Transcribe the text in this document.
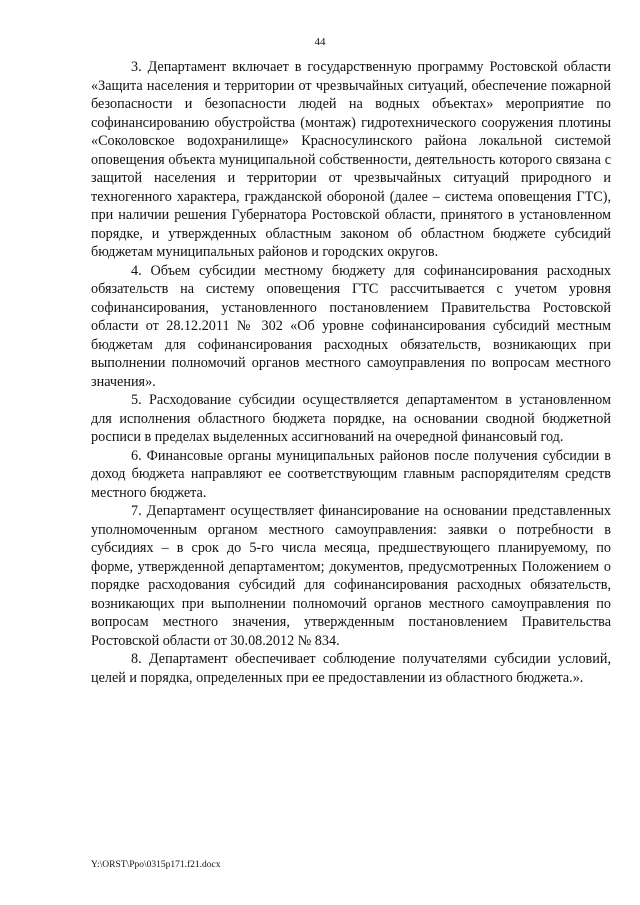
44

3. Департамент включает в государственную программу Ростовской области «Защита населения и территории от чрезвычайных ситуаций, обеспечение пожарной безопасности и безопасности людей на водных объектах» мероприятие по софинансированию обустройства (монтаж) гидротехнического сооружения плотины «Соколовское водохранилище» Красносулинского района локальной системой оповещения объекта муниципальной собственности, деятельность которого связана с защитой населения и территории от чрезвычайных ситуаций природного и техногенного характера, гражданской обороной (далее – система оповещения ГТС), при наличии решения Губернатора Ростовской области, принятого в установленном порядке, и утвержденных областным законом об областном бюджете субсидий бюджетам муниципальных районов и городских округов.

4. Объем субсидии местному бюджету для софинансирования расходных обязательств на систему оповещения ГТС рассчитывается с учетом уровня софинансирования, установленного постановлением Правительства Ростовской области от 28.12.2011 № 302 «Об уровне софинансирования субсидий местным бюджетам для софинансирования расходных обязательств, возникающих при выполнении полномочий органов местного самоуправления по вопросам местного значения».

5. Расходование субсидии осуществляется департаментом в установленном для исполнения областного бюджета порядке, на основании сводной бюджетной росписи в пределах выделенных ассигнований на очередной финансовый год.

6. Финансовые органы муниципальных районов после получения субсидии в доход бюджета направляют ее соответствующим главным распорядителям средств местного бюджета.

7. Департамент осуществляет финансирование на основании представленных уполномоченным органом местного самоуправления: заявки о потребности в субсидиях – в срок до 5-го числа месяца, предшествующего планируемому, по форме, утвержденной департаментом; документов, предусмотренных Положением о порядке расходования субсидий для софинансирования расходных обязательств, возникающих при выполнении полномочий органов местного самоуправления по вопросам местного значения, утвержденным постановлением Правительства Ростовской области от 30.08.2012 № 834.

8. Департамент обеспечивает соблюдение получателями субсидии условий, целей и порядка, определенных при ее предоставлении из областного бюджета.».

Y:\ORST\Ppo\0315p171.f21.docx
